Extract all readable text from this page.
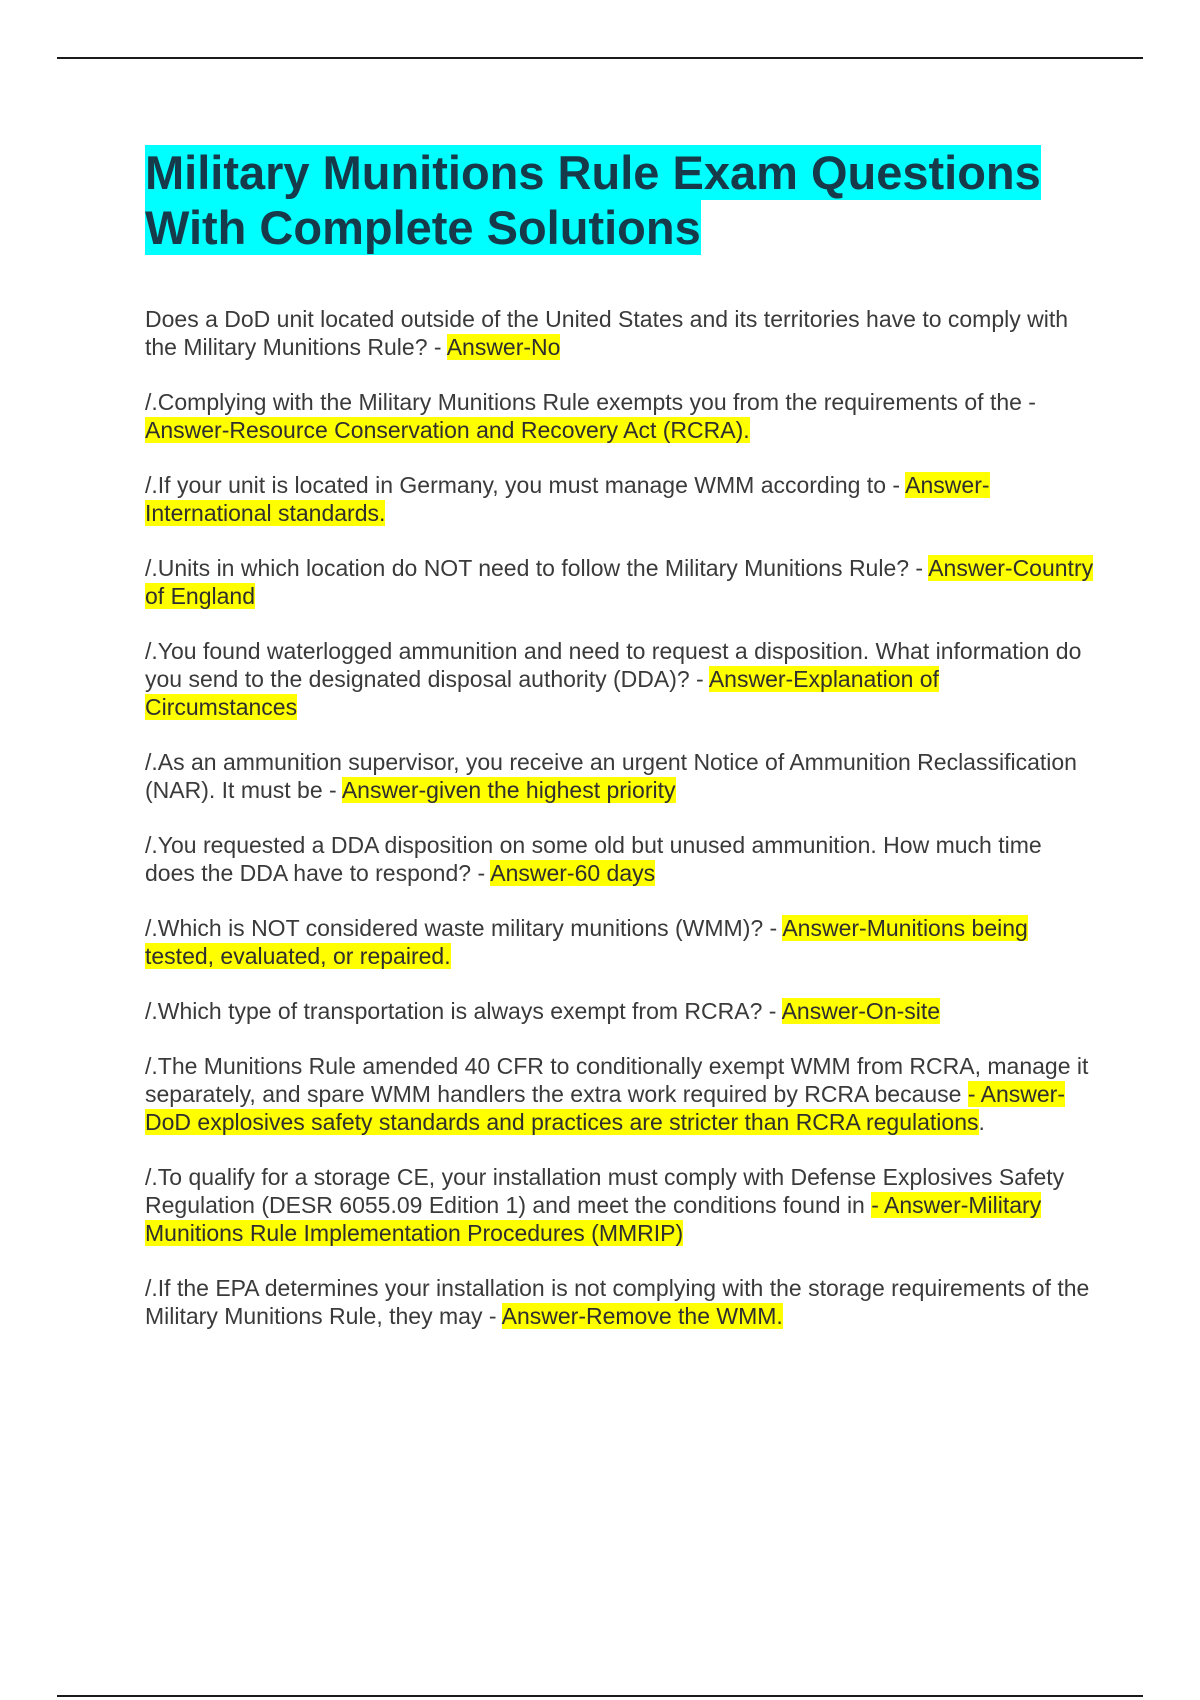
Military Munitions Rule Exam Questions With Complete Solutions

Does a DoD unit located outside of the United States and its territories have to comply with the Military Munitions Rule? - Answer-No

/.Complying with the Military Munitions Rule exempts you from the requirements of the - Answer-Resource Conservation and Recovery Act (RCRA).

/.If your unit is located in Germany, you must manage WMM according to - Answer-International standards.

/.Units in which location do NOT need to follow the Military Munitions Rule? - Answer-Country of England

/.You found waterlogged ammunition and need to request a disposition. What information do you send to the designated disposal authority (DDA)? - Answer-Explanation of Circumstances

/.As an ammunition supervisor, you receive an urgent Notice of Ammunition Reclassification (NAR). It must be - Answer-given the highest priority

/.You requested a DDA disposition on some old but unused ammunition. How much time does the DDA have to respond? - Answer-60 days

/.Which is NOT considered waste military munitions (WMM)? - Answer-Munitions being tested, evaluated, or repaired.

/.Which type of transportation is always exempt from RCRA? - Answer-On-site

/.The Munitions Rule amended 40 CFR to conditionally exempt WMM from RCRA, manage it separately, and spare WMM handlers the extra work required by RCRA because - Answer-DoD explosives safety standards and practices are stricter than RCRA regulations.

/.To qualify for a storage CE, your installation must comply with Defense Explosives Safety Regulation (DESR 6055.09 Edition 1) and meet the conditions found in - Answer-Military Munitions Rule Implementation Procedures (MMRIP)

/.If the EPA determines your installation is not complying with the storage requirements of the Military Munitions Rule, they may - Answer-Remove the WMM.
